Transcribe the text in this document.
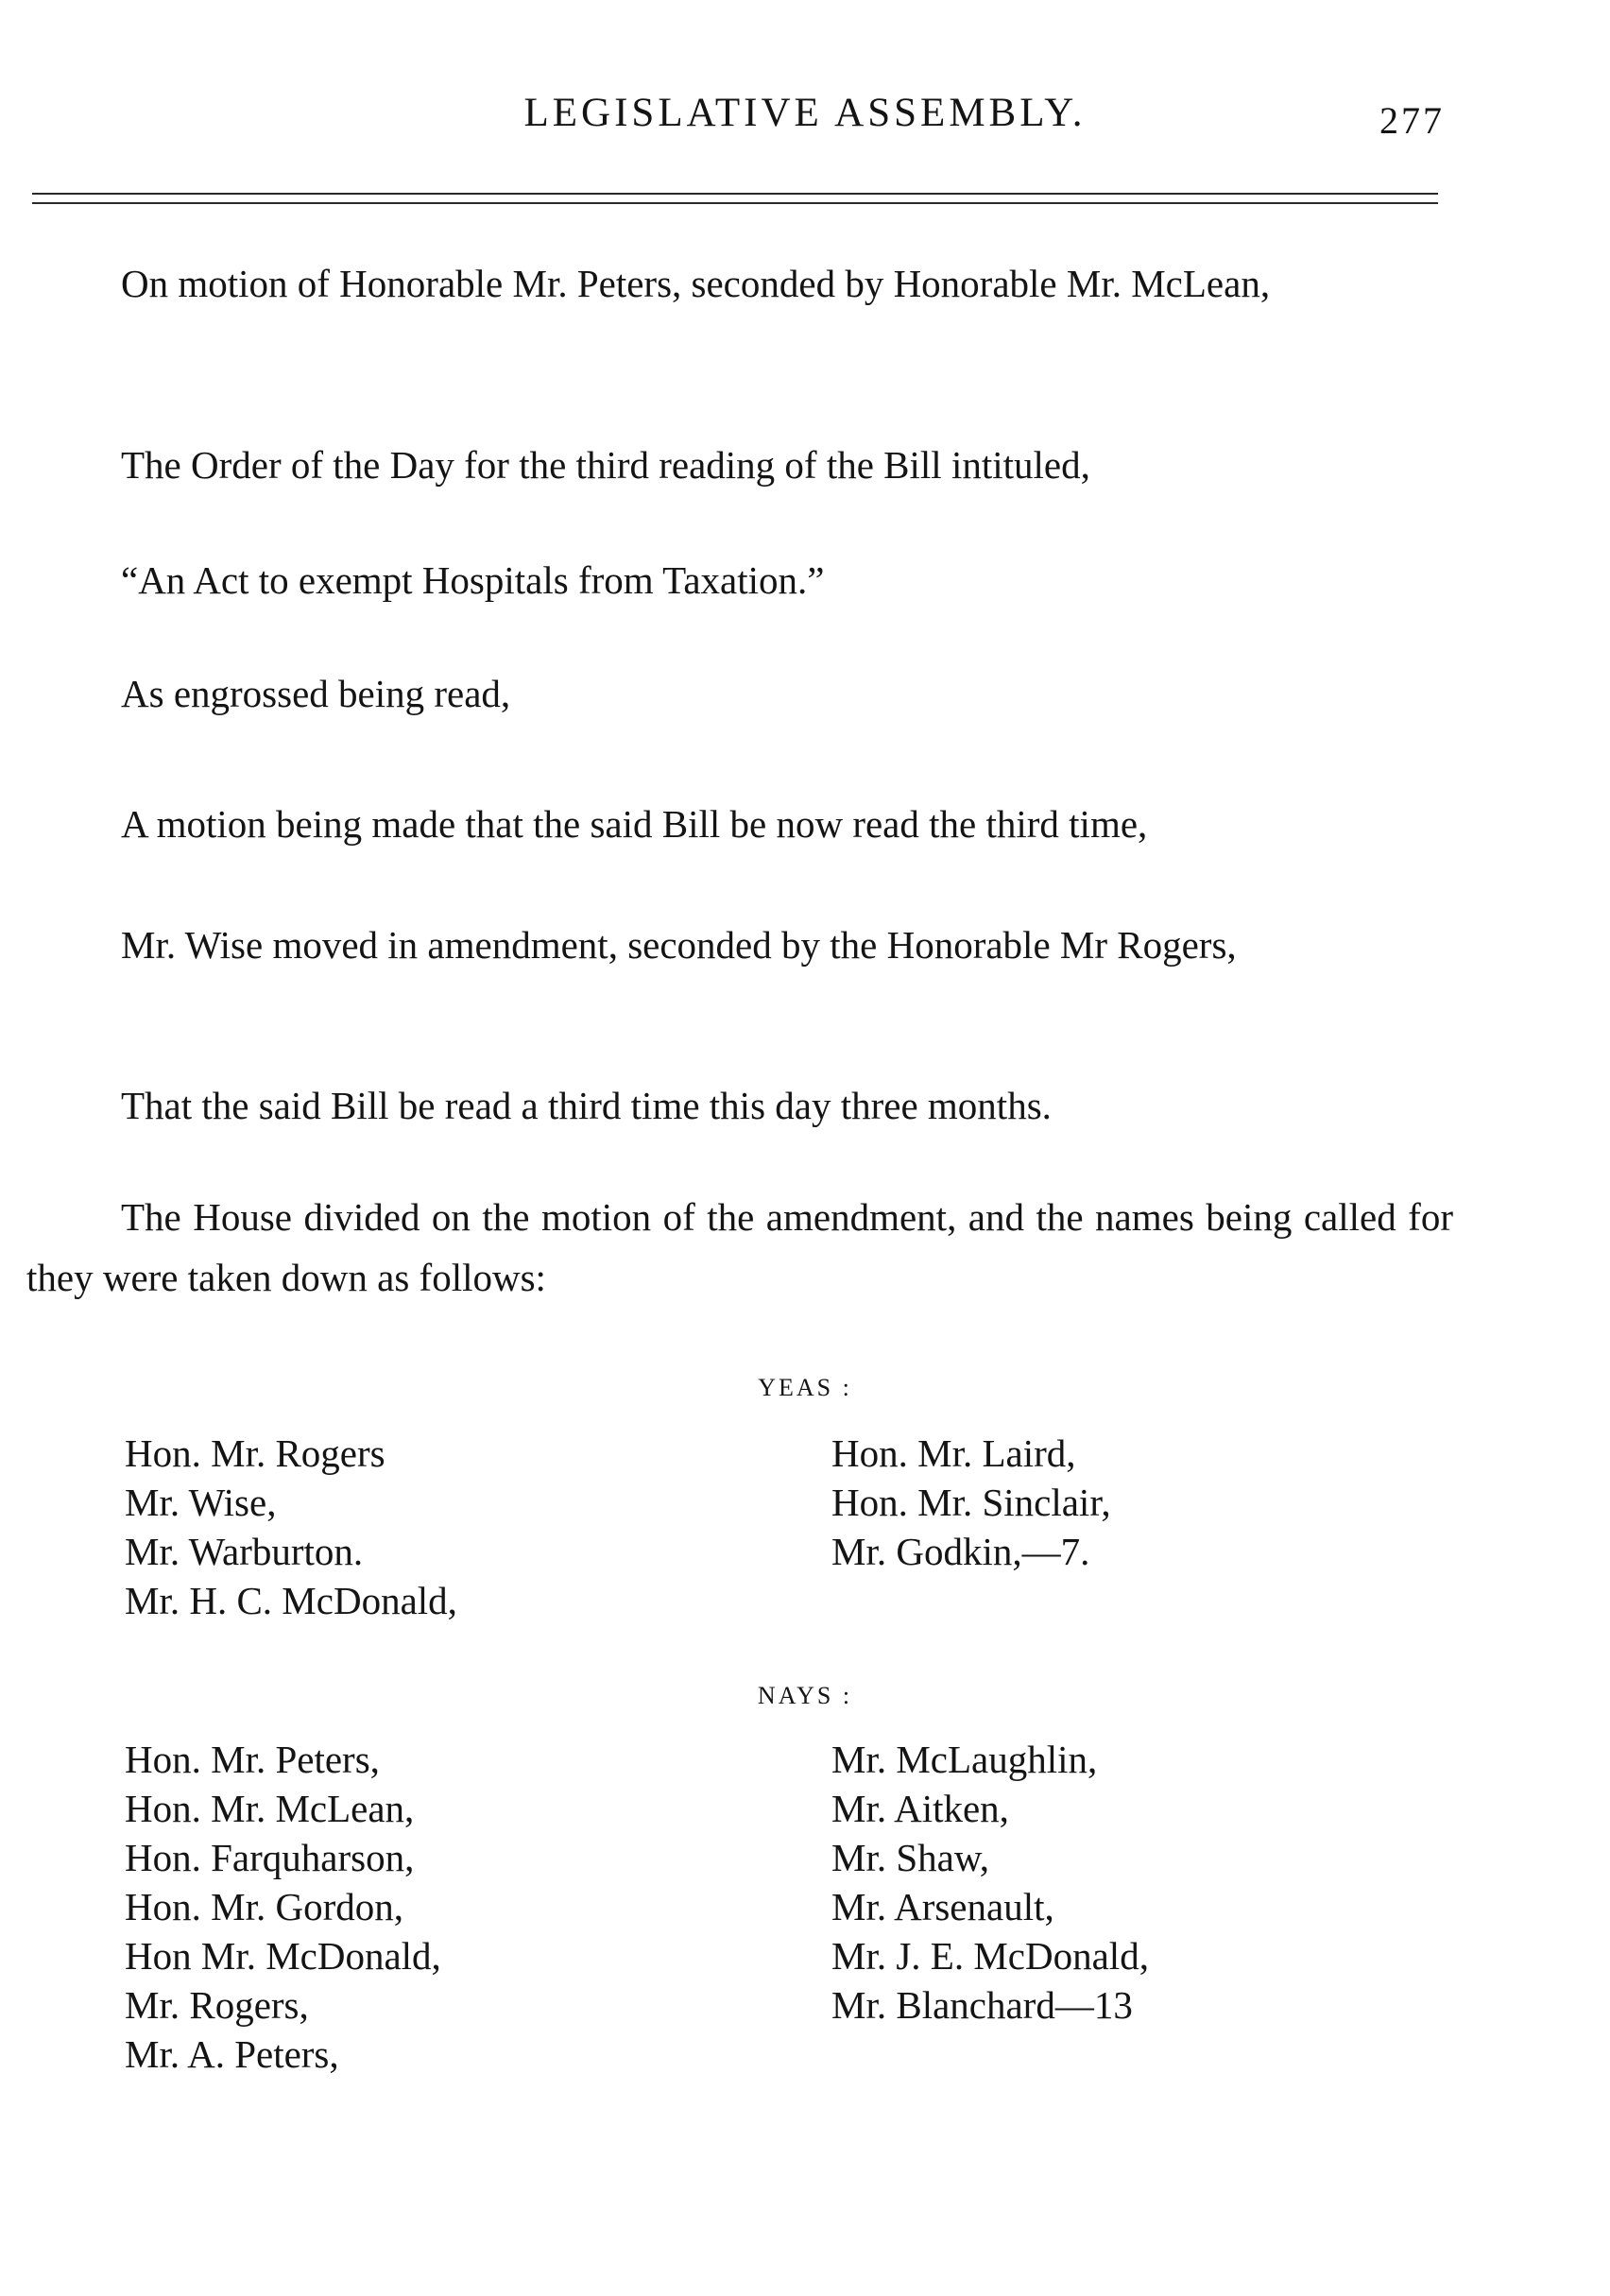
LEGISLATIVE ASSEMBLY.	277

On motion of Honorable Mr. Peters, seconded by Honorable Mr. McLean,

The Order of the Day for the third reading of the Bill intituled,

“An Act to exempt Hospitals from Taxation.”

As engrossed being read,

A motion being made that the said Bill be now read the third time,

Mr. Wise moved in amendment, seconded by the Honorable Mr Rogers,

That the said Bill be read a third time this day three months.

The House divided on the motion of the amendment, and the names being called for they were taken down as follows:

YEAS :
Hon. Mr. Rogers
Mr. Wise,
Mr. Warburton.
Mr. H. C. McDonald,
Hon. Mr. Laird,
Hon. Mr. Sinclair,
Mr. Godkin,—7.
NAYS :
Hon. Mr. Peters,
Hon. Mr. McLean,
Hon. Farquharson,
Hon. Mr. Gordon,
Hon Mr. McDonald,
Mr. Rogers,
Mr. A. Peters,
Mr. McLaughlin,
Mr. Aitken,
Mr. Shaw,
Mr. Arsenault,
Mr. J. E. McDonald,
Mr. Blanchard—13
